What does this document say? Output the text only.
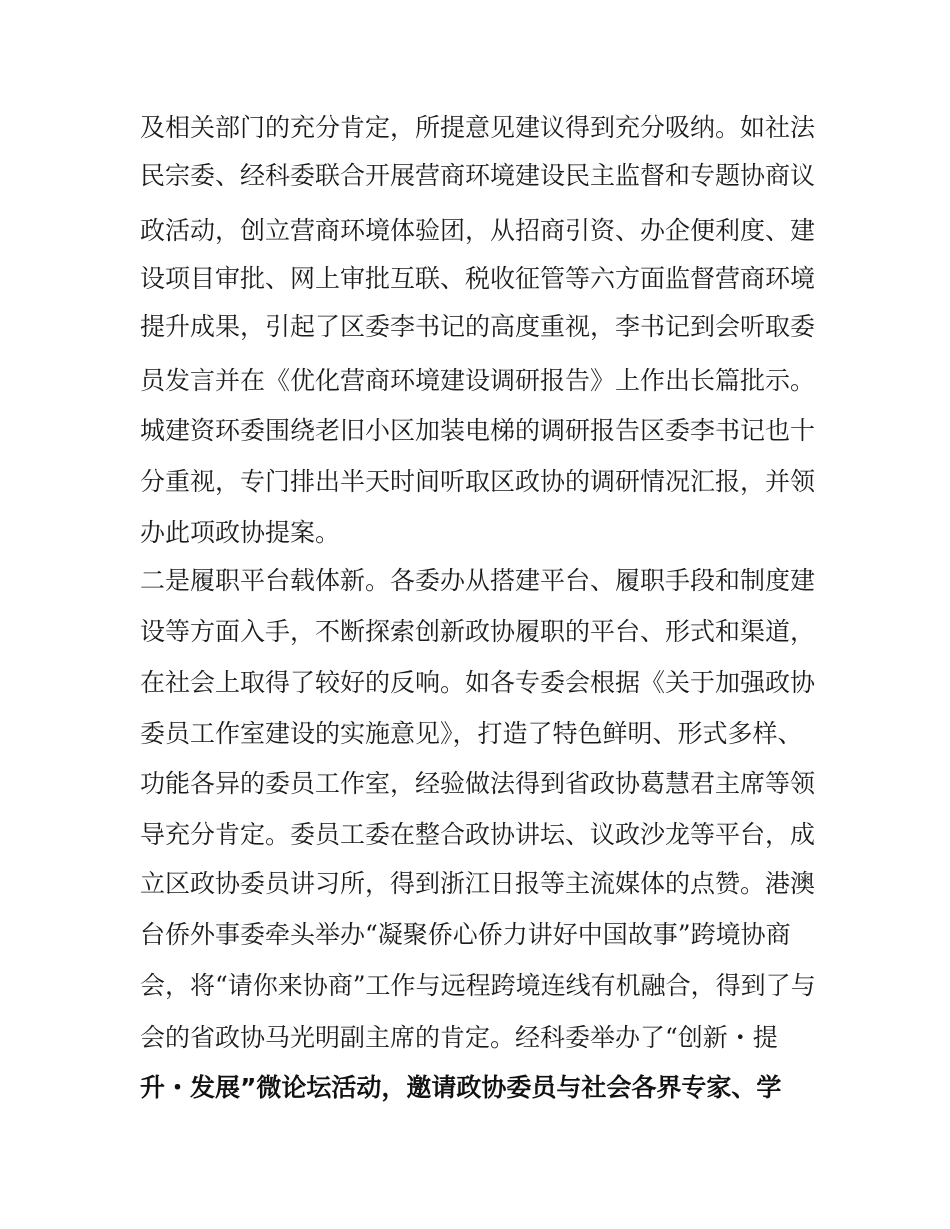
及相关部门的充分肯定，所提意见建议得到充分吸纳。如社法
民宗委、经科委联合开展营商环境建设民主监督和专题协商议
政活动，创立营商环境体验团，从招商引资、办企便利度、建
设项目审批、网上审批互联、税收征管等六方面监督营商环境
提升成果，引起了区委李书记的高度重视，李书记到会听取委
员发言并在《优化营商环境建设调研报告》上作出长篇批示。
城建资环委围绕老旧小区加装电梯的调研报告区委李书记也十
分重视，专门排出半天时间听取区政协的调研情况汇报，并领
办此项政协提案。
二是履职平台载体新。各委办从搭建平台、履职手段和制度建
设等方面入手，不断探索创新政协履职的平台、形式和渠道，
在社会上取得了较好的反响。如各专委会根据《关于加强政协
委员工作室建设的实施意见》，打造了特色鲜明、形式多样、
功能各异的委员工作室，经验做法得到省政协葛慧君主席等领
导充分肯定。委员工委在整合政协讲坛、议政沙龙等平台，成
立区政协委员讲习所，得到浙江日报等主流媒体的点赞。港澳
台侨外事委牵头举办“凝聚侨心侨力讲好中国故事”跨境协商
会，将“请你来协商”工作与远程跨境连线有机融合，得到了与
会的省政协马光明副主席的肯定。经科委举办了“创新・提
升・发展”微论坛活动，邀请政协委员与社会各界专家、学
